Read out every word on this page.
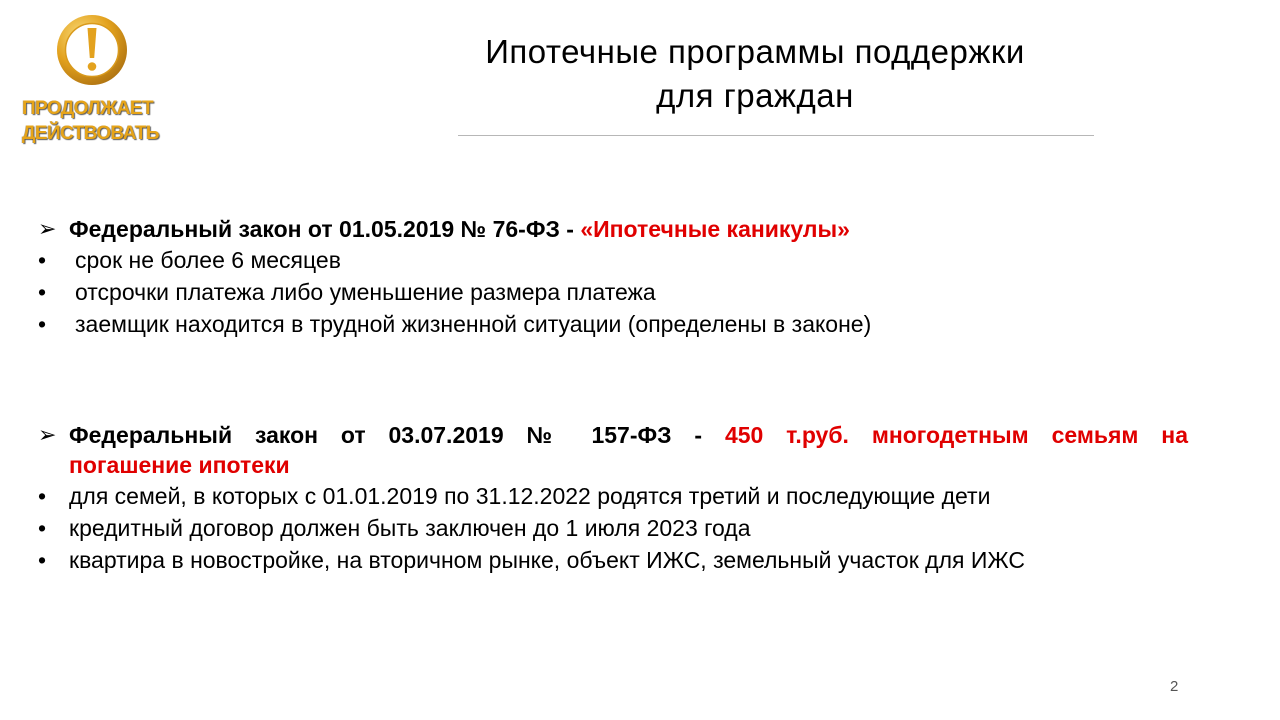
ПРОДОЛЖАЕТ
ДЕЙСТВОВАТЬ
Ипотечные программы поддержки
для граждан
➢ Федеральный закон от 01.05.2019 № 76-ФЗ - «Ипотечные каникулы»
• срок не более 6 месяцев
• отсрочки платежа либо уменьшение размера платежа
• заемщик находится в трудной жизненной ситуации (определены в законе)
➢ Федеральный закон от 03.07.2019 № 157-ФЗ - 450 т.руб. многодетным семьям на
погашение ипотеки
• для семей, в которых с 01.01.2019 по 31.12.2022 родятся третий и последующие дети
• кредитный договор должен быть заключен до 1 июля 2023 года
• квартира в новостройке, на вторичном рынке, объект ИЖС, земельный участок для ИЖС
2
